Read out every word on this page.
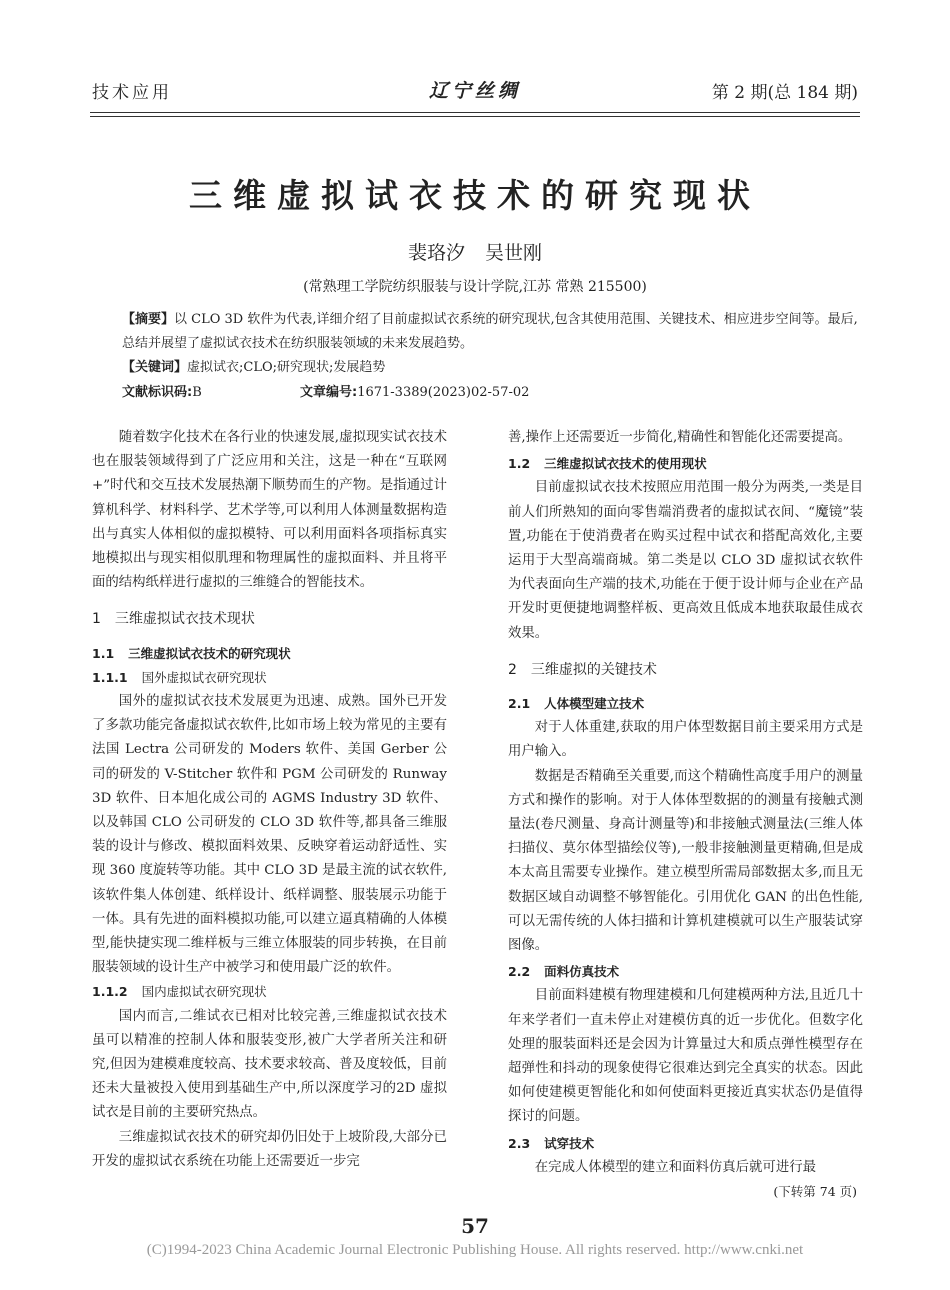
技术应用	辽宁丝绸	第 2 期(总 184 期)
三维虚拟试衣技术的研究现状
裴珞汐 吴世刚
(常熟理工学院纺织服装与设计学院,江苏 常熟 215500)
【摘要】以 CLO 3D 软件为代表,详细介绍了目前虚拟试衣系统的研究现状,包含其使用范围、关键技术、相应进步空间等。最后,总结并展望了虚拟试衣技术在纺织服装领域的未来发展趋势。
【关键词】虚拟试衣;CLO;研究现状;发展趋势
文献标识码:B	文章编号:1671-3389(2023)02-57-02

随着数字化技术在各行业的快速发展,虚拟现实试衣技术也在服装领域得到了广泛应用和关注，这是一种在“互联网+”时代和交互技术发展热潮下顺势而生的产物。是指通过计算机科学、材料科学、艺术学等,可以利用人体测量数据构造出与真实人体相似的虚拟模特、可以利用面料各项指标真实地模拟出与现实相似肌理和物理属性的虚拟面料、并且将平面的结构纸样进行虚拟的三维缝合的智能技术。

1 三维虚拟试衣技术现状
1.1 三维虚拟试衣技术的研究现状
1.1.1 国外虚拟试衣研究现状

国外的虚拟试衣技术发展更为迅速、成熟。国外已开发了多款功能完备虚拟试衣软件,比如市场上较为常见的主要有法国 Lectra 公司研发的 Moders 软件、美国 Gerber 公司的研发的 V-Stitcher 软件和 PGM 公司研发的 Runway 3D 软件、日本旭化成公司的 AGMS Industry 3D 软件、以及韩国 CLO 公司研发的 CLO 3D 软件等,都具备三维服装的设计与修改、模拟面料效果、反映穿着运动舒适性、实现 360 度旋转等功能。其中 CLO 3D 是最主流的试衣软件,该软件集人体创建、纸样设计、纸样调整、服装展示功能于一体。具有先进的面料模拟功能,可以建立逼真精确的人体模型,能快捷实现二维样板与三维立体服装的同步转换，在目前服装领域的设计生产中被学习和使用最广泛的软件。

1.1.2 国内虚拟试衣研究现状

国内而言,二维试衣已相对比较完善,三维虚拟试衣技术虽可以精准的控制人体和服装变形,被广大学者所关注和研究,但因为建模难度较高、技术要求较高、普及度较低，目前还未大量被投入使用到基础生产中,所以深度学习的2D 虚拟试衣是目前的主要研究热点。

三维虚拟试衣技术的研究却仍旧处于上坡阶段,大部分已开发的虚拟试衣系统在功能上还需要近一步完

善,操作上还需要近一步简化,精确性和智能化还需要提高。

1.2 三维虚拟试衣技术的使用现状

目前虚拟试衣技术按照应用范围一般分为两类,一类是目前人们所熟知的面向零售端消费者的虚拟试衣间、“魔镜”装置,功能在于使消费者在购买过程中试衣和搭配高效化,主要运用于大型高端商城。第二类是以 CLO 3D 虚拟试衣软件为代表面向生产端的技术,功能在于便于设计师与企业在产品开发时更便捷地调整样板、更高效且低成本地获取最佳成衣效果。

2 三维虚拟的关键技术
2.1 人体模型建立技术

对于人体重建,获取的用户体型数据目前主要采用方式是用户输入。

数据是否精确至关重要,而这个精确性高度手用户的测量方式和操作的影响。对于人体体型数据的的测量有接触式测量法(卷尺测量、身高计测量等)和非接触式测量法(三维人体扫描仪、莫尔体型描绘仪等),一般非接触测量更精确,但是成本太高且需要专业操作。建立模型所需局部数据太多,而且无数据区域自动调整不够智能化。引用优化 GAN 的出色性能,可以无需传统的人体扫描和计算机建模就可以生产服装试穿图像。

2.2 面料仿真技术

目前面料建模有物理建模和几何建模两种方法,且近几十年来学者们一直未停止对建模仿真的近一步优化。但数字化处理的服装面料还是会因为计算量过大和质点弹性模型存在超弹性和抖动的现象使得它很难达到完全真实的状态。因此如何使建模更智能化和如何使面料更接近真实状态仍是值得探讨的问题。

2.3 试穿技术

在完成人体模型的建立和面料仿真后就可进行最

(下转第 74 页)
57
(C)1994-2023 China Academic Journal Electronic Publishing House. All rights reserved. http://www.cnki.net
